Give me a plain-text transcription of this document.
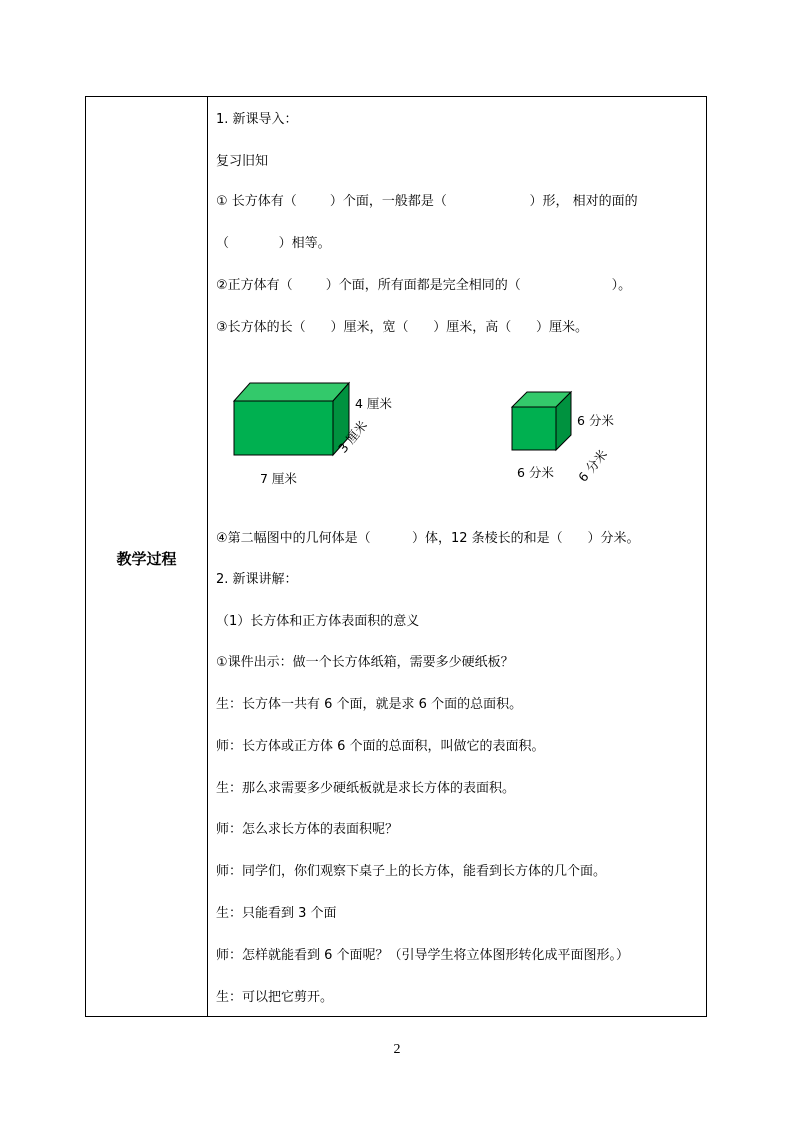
教学过程
1. 新课导入：
复习旧知
① 长方体有（        ）个面，一般都是（                    ）形， 相对的面的
（            ）相等。
②正方体有（        ）个面，所有面都是完全相同的（                      ）。
③长方体的长（      ）厘米，宽（      ）厘米，高（      ）厘米。
4 厘米
3 厘米
7 厘米
6 分米
6 分米
6 分米
④第二幅图中的几何体是（          ）体，12 条棱长的和是（      ）分米。
2. 新课讲解：
（1）长方体和正方体表面积的意义
①课件出示：做一个长方体纸箱，需要多少硬纸板？
生：长方体一共有 6 个面，就是求 6 个面的总面积。
师：长方体或正方体 6 个面的总面积，叫做它的表面积。
生：那么求需要多少硬纸板就是求长方体的表面积。
师：怎么求长方体的表面积呢？
师：同学们，你们观察下桌子上的长方体，能看到长方体的几个面。
生：只能看到 3 个面
师：怎样就能看到 6 个面呢？（引导学生将立体图形转化成平面图形。）
生：可以把它剪开。
2
